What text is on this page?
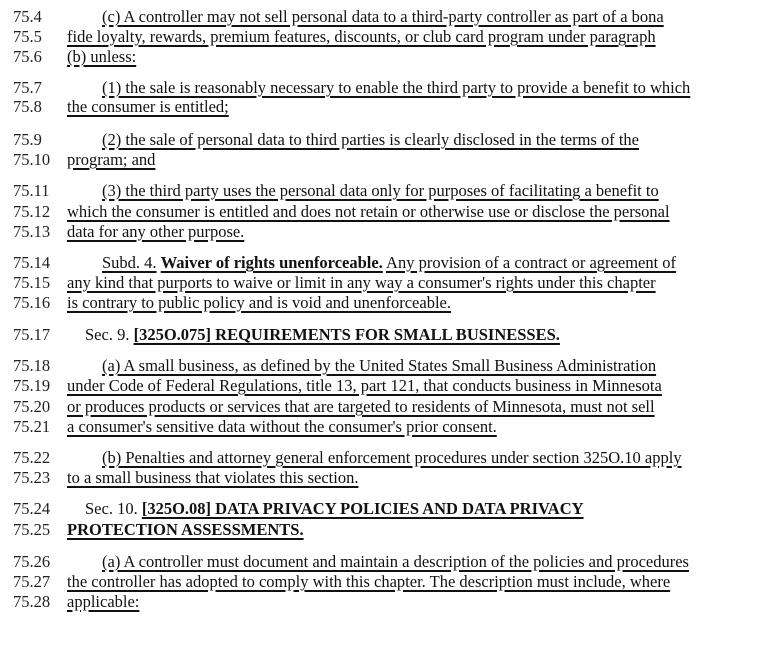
75.4	(c) A controller may not sell personal data to a third-party controller as part of a bona
75.5 fide loyalty, rewards, premium features, discounts, or club card program under paragraph
75.6 (b) unless:
75.7	(1) the sale is reasonably necessary to enable the third party to provide a benefit to which
75.8 the consumer is entitled;
75.9	(2) the sale of personal data to third parties is clearly disclosed in the terms of the
75.10 program; and
75.11	(3) the third party uses the personal data only for purposes of facilitating a benefit to
75.12 which the consumer is entitled and does not retain or otherwise use or disclose the personal
75.13 data for any other purpose.
75.14	Subd. 4. Waiver of rights unenforceable. Any provision of a contract or agreement of
75.15 any kind that purports to waive or limit in any way a consumer's rights under this chapter
75.16 is contrary to public policy and is void and unenforceable.
75.17 Sec. 9. [325O.075] REQUIREMENTS FOR SMALL BUSINESSES.
75.18	(a) A small business, as defined by the United States Small Business Administration
75.19 under Code of Federal Regulations, title 13, part 121, that conducts business in Minnesota
75.20 or produces products or services that are targeted to residents of Minnesota, must not sell
75.21 a consumer's sensitive data without the consumer's prior consent.
75.22	(b) Penalties and attorney general enforcement procedures under section 325O.10 apply
75.23 to a small business that violates this section.
75.24 Sec. 10. [325O.08] DATA PRIVACY POLICIES AND DATA PRIVACY
75.25 PROTECTION ASSESSMENTS.
75.26	(a) A controller must document and maintain a description of the policies and procedures
75.27 the controller has adopted to comply with this chapter. The description must include, where
75.28 applicable:
